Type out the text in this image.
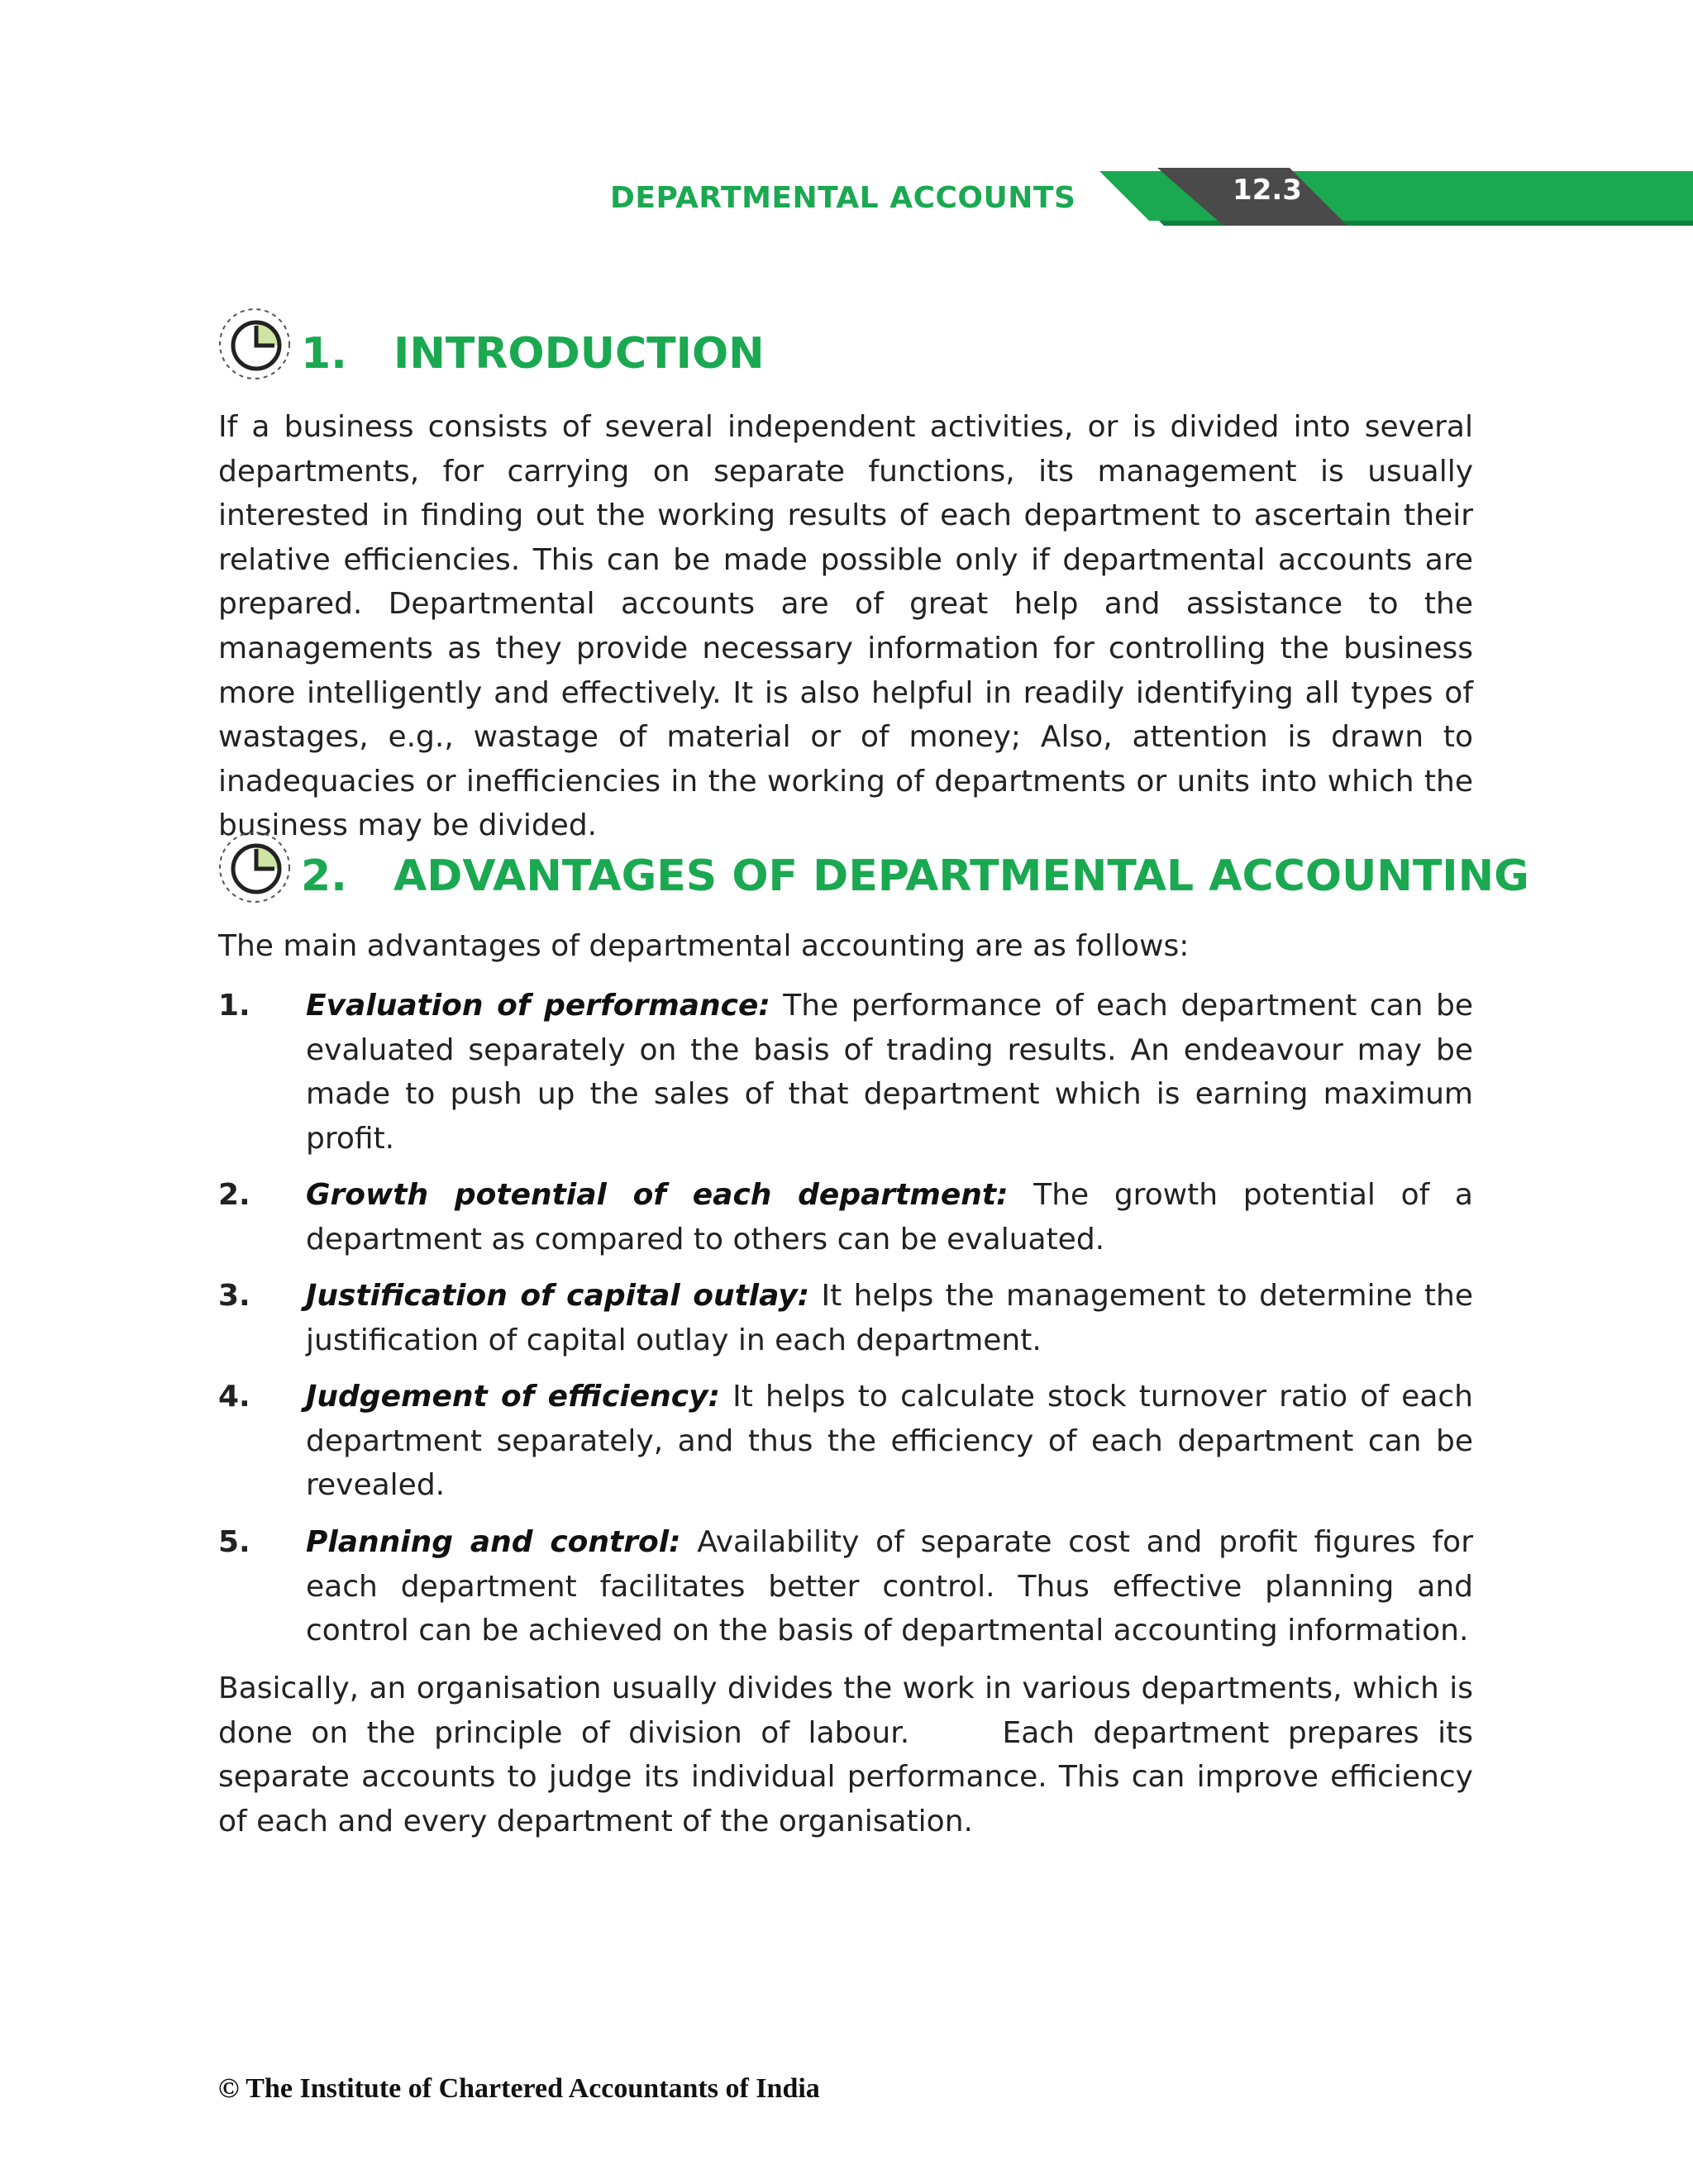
DEPARTMENTAL ACCOUNTS	12.3
1. INTRODUCTION
If a business consists of several independent activities, or is divided into several departments, for carrying on separate functions, its management is usually interested in finding out the working results of each department to ascertain their relative efficiencies. This can be made possible only if departmental accounts are prepared. Departmental accounts are of great help and assistance to the managements as they provide necessary information for controlling the business more intelligently and effectively. It is also helpful in readily identifying all types of wastages, e.g., wastage of material or of money; Also, attention is drawn to inadequacies or inefficiencies in the working of departments or units into which the business may be divided.
2. ADVANTAGES OF DEPARTMENTAL ACCOUNTING
The main advantages of departmental accounting are as follows:
1. Evaluation of performance: The performance of each department can be evaluated separately on the basis of trading results. An endeavour may be made to push up the sales of that department which is earning maximum profit.
2. Growth potential of each department: The growth potential of a department as compared to others can be evaluated.
3. Justification of capital outlay: It helps the management to determine the justification of capital outlay in each department.
4. Judgement of efficiency: It helps to calculate stock turnover ratio of each department separately, and thus the efficiency of each department can be revealed.
5. Planning and control: Availability of separate cost and profit figures for each department facilitates better control. Thus effective planning and control can be achieved on the basis of departmental accounting information.
Basically, an organisation usually divides the work in various departments, which is done on the principle of division of labour.     Each department prepares its separate accounts to judge its individual performance. This can improve efficiency of each and every department of the organisation.
© The Institute of Chartered Accountants of India
